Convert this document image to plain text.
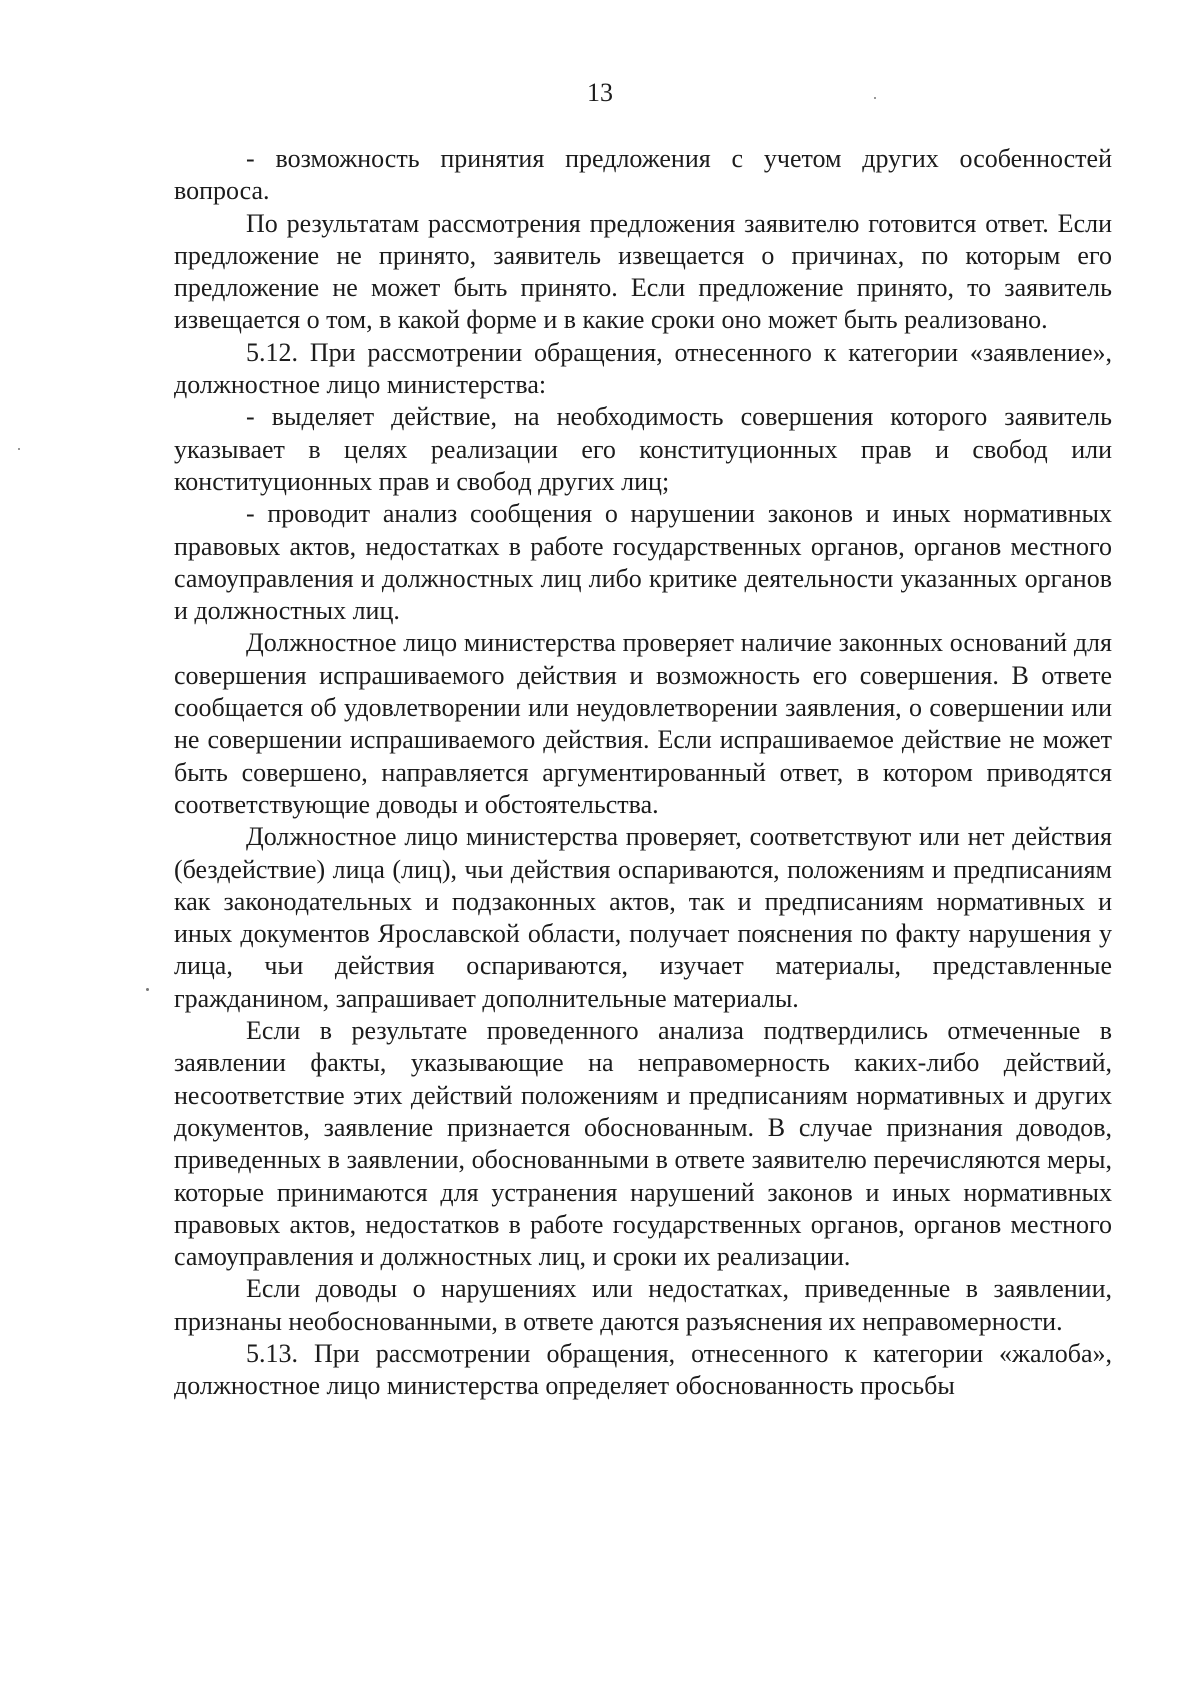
13

- возможность принятия предложения с учетом других особенностей вопроса.

По результатам рассмотрения предложения заявителю готовится ответ. Если предложение не принято, заявитель извещается о причинах, по которым его предложение не может быть принято. Если предложение принято, то заявитель извещается о том, в какой форме и в какие сроки оно может быть реализовано.

5.12. При рассмотрении обращения, отнесенного к категории «заявление», должностное лицо министерства:

- выделяет действие, на необходимость совершения которого заявитель указывает в целях реализации его конституционных прав и свобод или конституционных прав и свобод других лиц;

- проводит анализ сообщения о нарушении законов и иных нормативных правовых актов, недостатках в работе государственных органов, органов местного самоуправления и должностных лиц либо критике деятельности указанных органов и должностных лиц.

Должностное лицо министерства проверяет наличие законных оснований для совершения испрашиваемого действия и возможность его совершения. В ответе сообщается об удовлетворении или неудовлетворении заявления, о совершении или не совершении испрашиваемого действия. Если испрашиваемое действие не может быть совершено, направляется аргументированный ответ, в котором приводятся соответствующие доводы и обстоятельства.

Должностное лицо министерства проверяет, соответствуют или нет действия (бездействие) лица (лиц), чьи действия оспариваются, положениям и предписаниям как законодательных и подзаконных актов, так и предписаниям нормативных и иных документов Ярославской области, получает пояснения по факту нарушения у лица, чьи действия оспариваются, изучает материалы, представленные гражданином, запрашивает дополнительные материалы.

Если в результате проведенного анализа подтвердились отмеченные в заявлении факты, указывающие на неправомерность каких-либо действий, несоответствие этих действий положениям и предписаниям нормативных и других документов, заявление признается обоснованным. В случае признания доводов, приведенных в заявлении, обоснованными в ответе заявителю перечисляются меры, которые принимаются для устранения нарушений законов и иных нормативных правовых актов, недостатков в работе государственных органов, органов местного самоуправления и должностных лиц, и сроки их реализации.

Если доводы о нарушениях или недостатках, приведенные в заявлении, признаны необоснованными, в ответе даются разъяснения их неправомерности.

5.13. При рассмотрении обращения, отнесенного к категории «жалоба», должностное лицо министерства определяет обоснованность просьбы
